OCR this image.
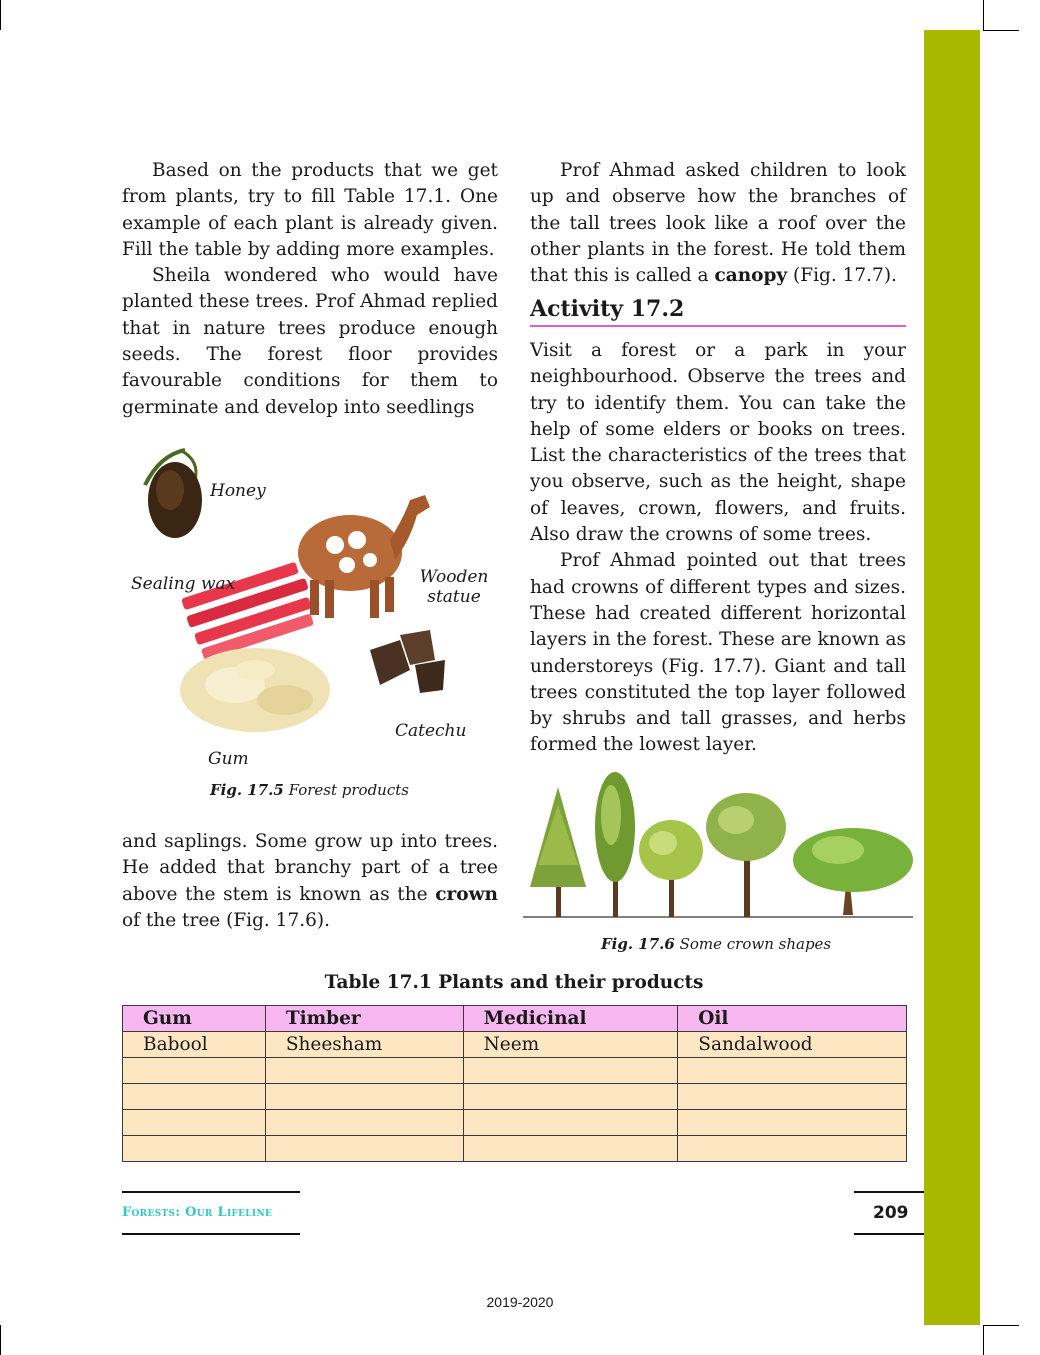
Based on the products that we get from plants, try to fill Table 17.1. One example of each plant is already given. Fill the table by adding more examples.

Sheila wondered who would have planted these trees. Prof Ahmad replied that in nature trees produce enough seeds. The forest floor provides favourable conditions for them to germinate and develop into seedlings

Honey
Sealing wax	Wooden statue
Catechu
Gum
Fig. 17.5 Forest products

and saplings. Some grow up into trees. He added that branchy part of a tree above the stem is known as the crown of the tree (Fig. 17.6).

Prof Ahmad asked children to look up and observe how the branches of the tall trees look like a roof over the other plants in the forest. He told them that this is called a canopy (Fig. 17.7).

Activity 17.2

Visit a forest or a park in your neighbourhood. Observe the trees and try to identify them. You can take the help of some elders or books on trees. List the characteristics of the trees that you observe, such as the height, shape of leaves, crown, flowers, and fruits. Also draw the crowns of some trees.

Prof Ahmad pointed out that trees had crowns of different types and sizes. These had created different horizontal layers in the forest. These are known as understoreys (Fig. 17.7). Giant and tall trees constituted the top layer followed by shrubs and tall grasses, and herbs formed the lowest layer.

Fig. 17.6 Some crown shapes
Table 17.1 Plants and their products
Gum	Timber	Medicinal	Oil
Babool	Sheesham	Neem	Sandalwood

Forests: Our Lifeline	209
2019-2020
